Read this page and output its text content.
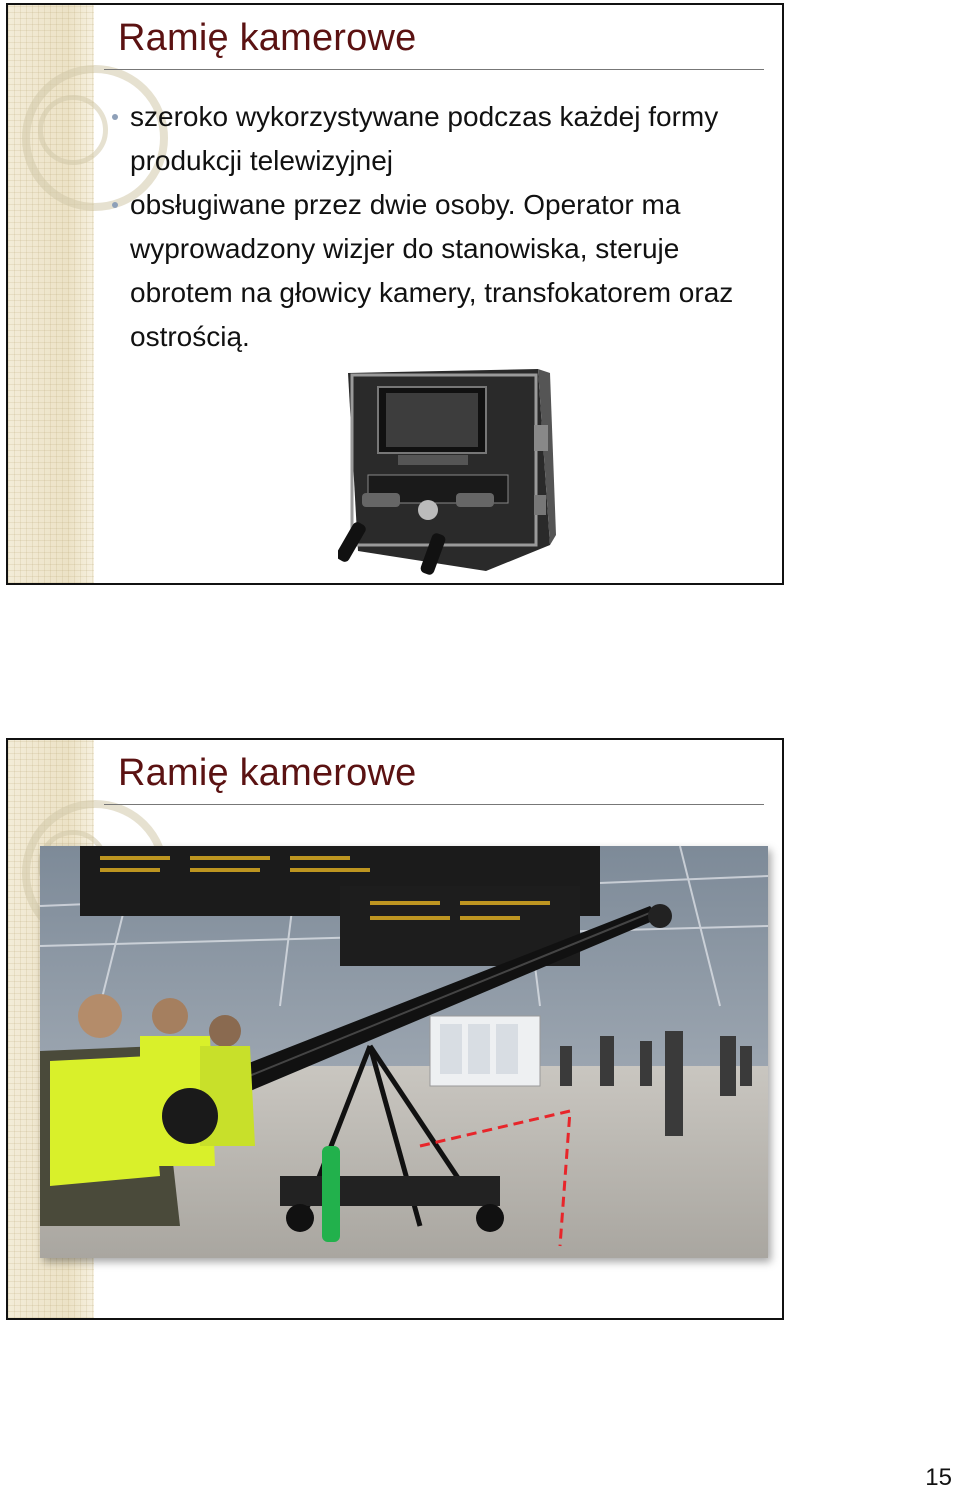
Ramię kamerowe
szeroko wykorzystywane podczas każdej formy produkcji telewizyjnej
obsługiwane przez dwie osoby. Operator ma wyprowadzony wizjer do stanowiska, steruje obrotem na głowicy kamery, transfokatorem oraz ostrością.
Ramię kamerowe
15
